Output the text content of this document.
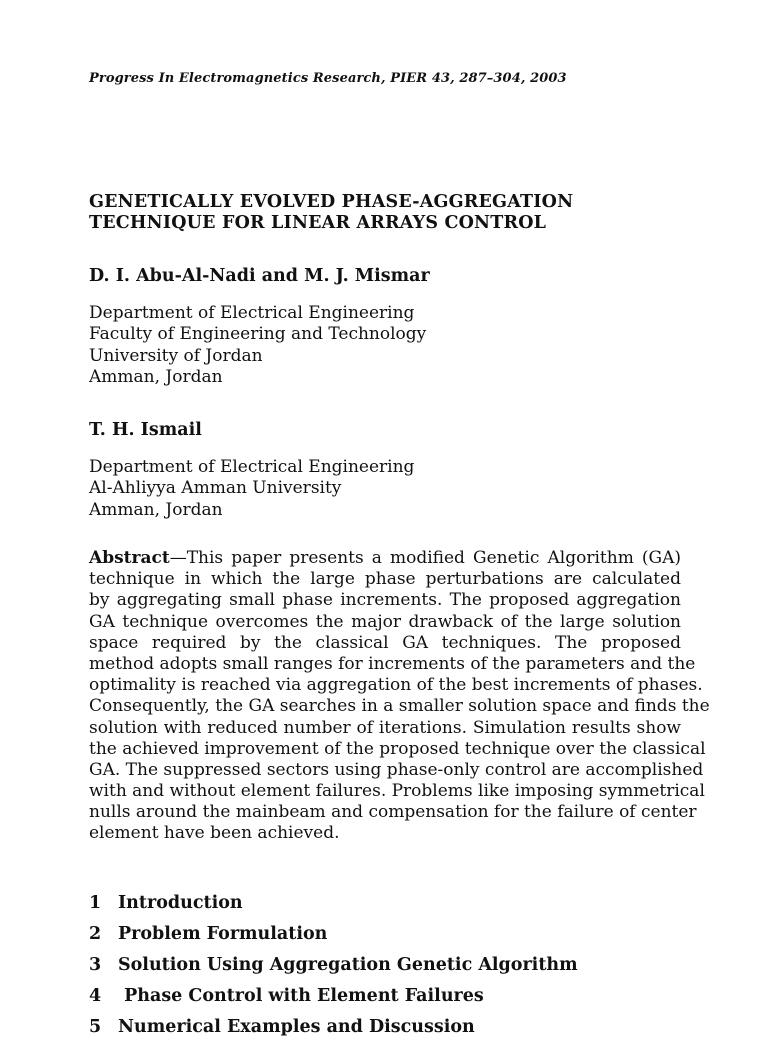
Progress In Electromagnetics Research, PIER 43, 287–304, 2003
GENETICALLY EVOLVED PHASE-AGGREGATION
TECHNIQUE FOR LINEAR ARRAYS CONTROL
D. I. Abu-Al-Nadi and M. J. Mismar
Department of Electrical Engineering
Faculty of Engineering and Technology
University of Jordan
Amman, Jordan
T. H. Ismail
Department of Electrical Engineering
Al-Ahliyya Amman University
Amman, Jordan
Abstract—This paper presents a modified Genetic Algorithm (GA)
technique in which the large phase perturbations are calculated
by aggregating small phase increments. The proposed aggregation
GA technique overcomes the major drawback of the large solution
space required by the classical GA techniques. The proposed
method adopts small ranges for increments of the parameters and the
optimality is reached via aggregation of the best increments of phases.
Consequently, the GA searches in a smaller solution space and finds the
solution with reduced number of iterations. Simulation results show
the achieved improvement of the proposed technique over the classical
GA. The suppressed sectors using phase-only control are accomplished
with and without element failures. Problems like imposing symmetrical
nulls around the mainbeam and compensation for the failure of center
element have been achieved.
1 Introduction
2 Problem Formulation
3 Solution Using Aggregation Genetic Algorithm
4 Phase Control with Element Failures
5 Numerical Examples and Discussion
